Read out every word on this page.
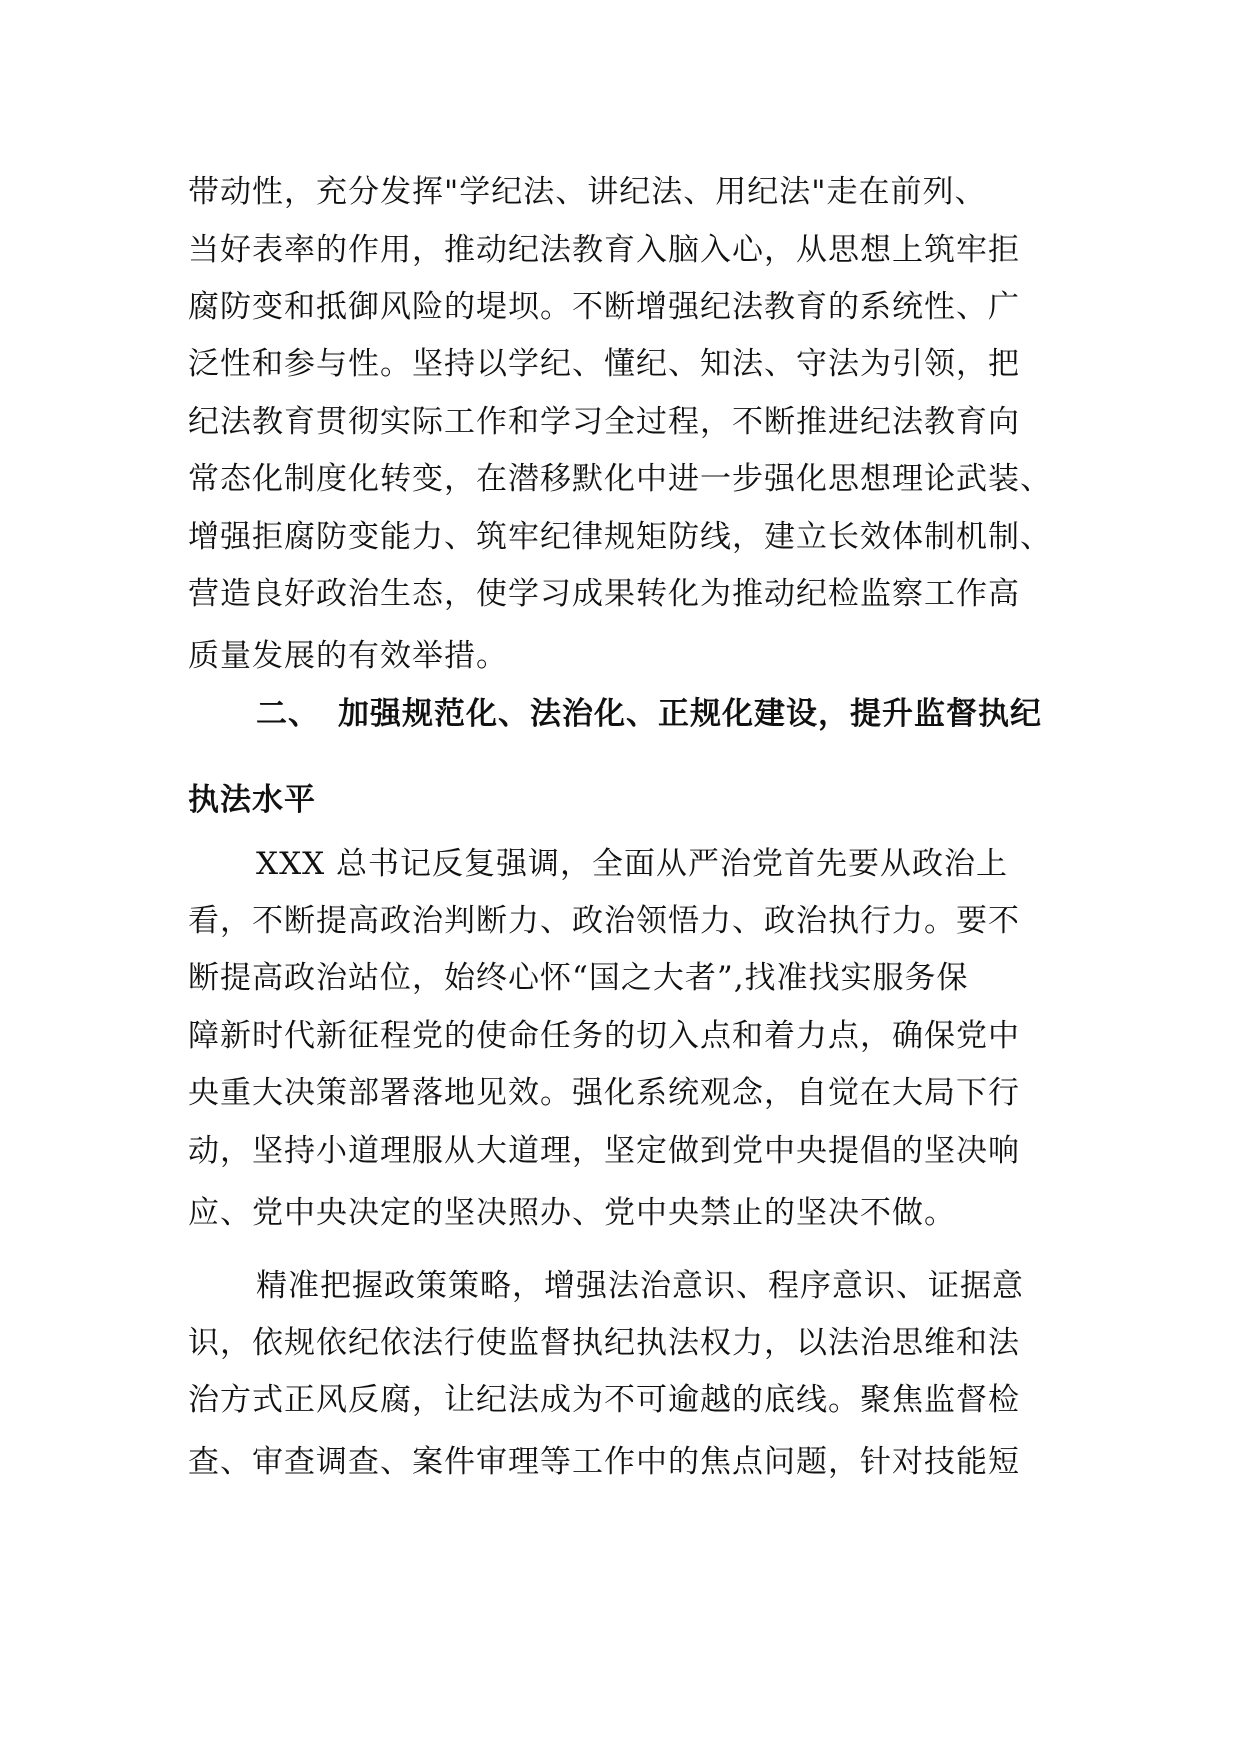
带动性，充分发挥"学纪法、讲纪法、用纪法"走在前列、
当好表率的作用，推动纪法教育入脑入心，从思想上筑牢拒
腐防变和抵御风险的堤坝。不断增强纪法教育的系统性、广
泛性和参与性。坚持以学纪、懂纪、知法、守法为引领，把
纪法教育贯彻实际工作和学习全过程，不断推进纪法教育向
常态化制度化转变，在潜移默化中进一步强化思想理论武装、
增强拒腐防变能力、筑牢纪律规矩防线，建立长效体制机制、
营造良好政治生态，使学习成果转化为推动纪检监察工作高
质量发展的有效举措。
二、 加强规范化、法治化、正规化建设，提升监督执纪
执法水平
XXX 总书记反复强调，全面从严治党首先要从政治上
看，不断提高政治判断力、政治领悟力、政治执行力。要不
断提高政治站位，始终心怀“国之大者”,找准找实服务保
障新时代新征程党的使命任务的切入点和着力点，确保党中
央重大决策部署落地见效。强化系统观念，自觉在大局下行
动，坚持小道理服从大道理，坚定做到党中央提倡的坚决响
应、党中央决定的坚决照办、党中央禁止的坚决不做。
精准把握政策策略，增强法治意识、程序意识、证据意
识，依规依纪依法行使监督执纪执法权力，以法治思维和法
治方式正风反腐，让纪法成为不可逾越的底线。聚焦监督检
查、审查调查、案件审理等工作中的焦点问题，针对技能短
